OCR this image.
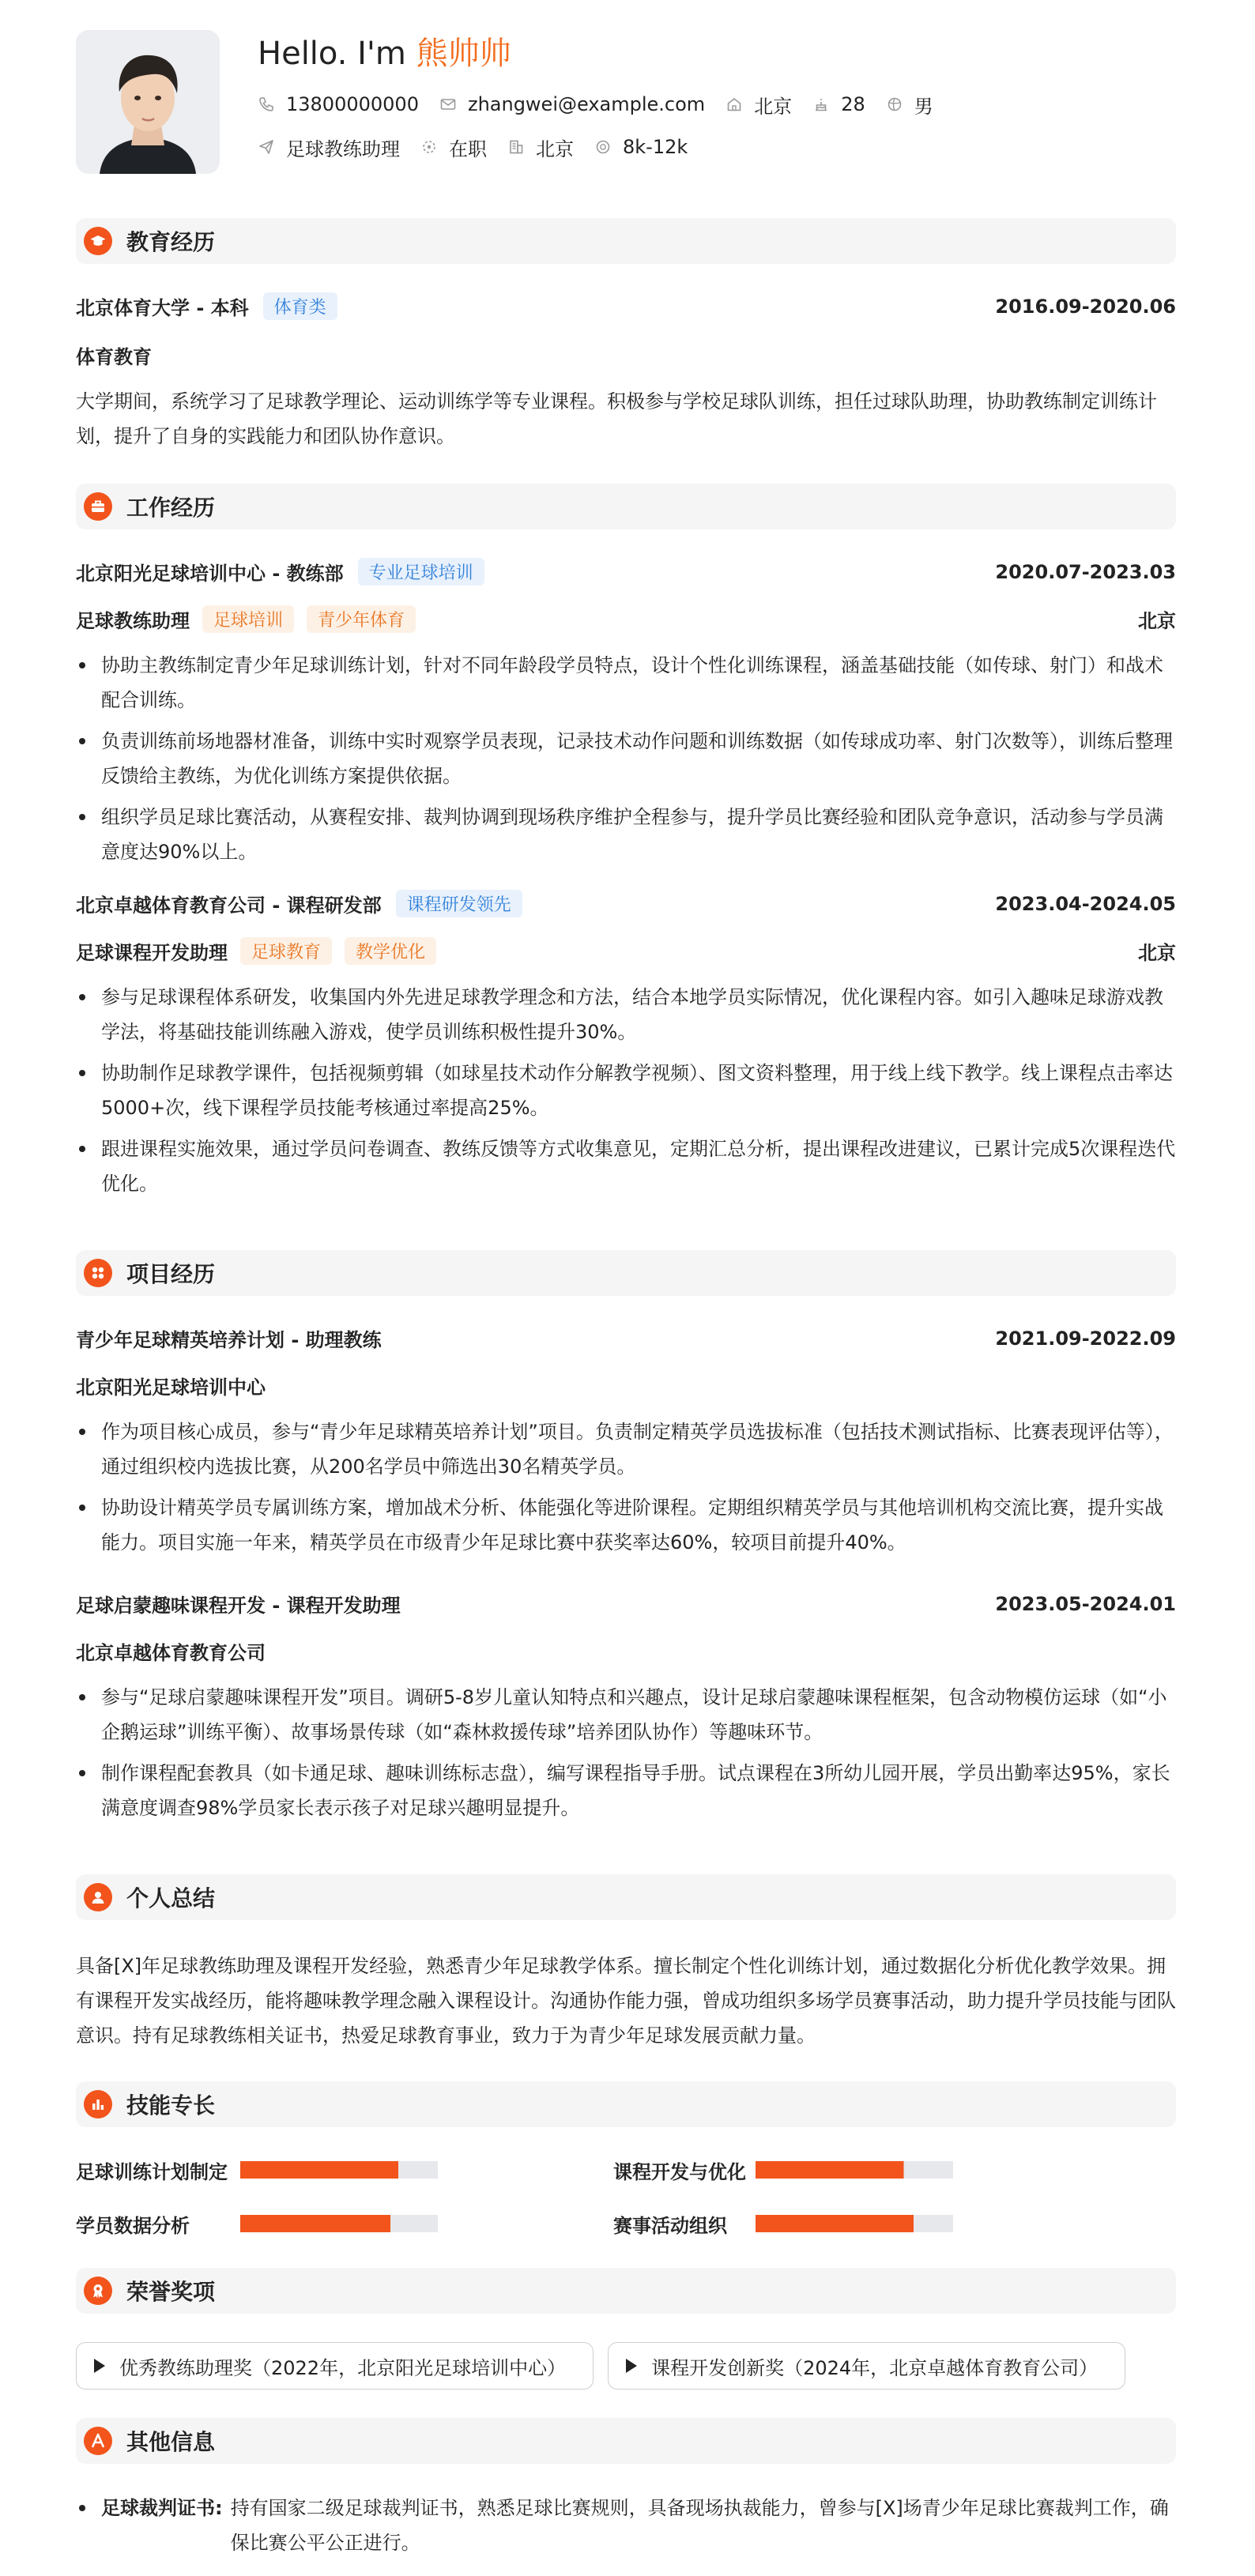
Hello. I'm 熊帅帅
13800000000	zhangwei@example.com	北京	28	男
足球教练助理	在职	北京	8k-12k
教育经历
北京体育大学 - 本科	体育类	2016.09-2020.06
体育教育
大学期间，系统学习了足球教学理论、运动训练学等专业课程。积极参与学校足球队训练，担任过球队助理，协助教练制定训练计划，提升了自身的实践能力和团队协作意识。
工作经历
北京阳光足球培训中心 - 教练部	专业足球培训	2020.07-2023.03
足球教练助理	足球培训	青少年体育	北京
协助主教练制定青少年足球训练计划，针对不同年龄段学员特点，设计个性化训练课程，涵盖基础技能（如传球、射门）和战术配合训练。
负责训练前场地器材准备，训练中实时观察学员表现，记录技术动作问题和训练数据（如传球成功率、射门次数等），训练后整理反馈给主教练，为优化训练方案提供依据。
组织学员足球比赛活动，从赛程安排、裁判协调到现场秩序维护全程参与，提升学员比赛经验和团队竞争意识，活动参与学员满意度达90%以上。
北京卓越体育教育公司 - 课程研发部	课程研发领先	2023.04-2024.05
足球课程开发助理	足球教育	教学优化	北京
参与足球课程体系研发，收集国内外先进足球教学理念和方法，结合本地学员实际情况，优化课程内容。如引入趣味足球游戏教学法，将基础技能训练融入游戏，使学员训练积极性提升30%。
协助制作足球教学课件，包括视频剪辑（如球星技术动作分解教学视频）、图文资料整理，用于线上线下教学。线上课程点击率达5000+次，线下课程学员技能考核通过率提高25%。
跟进课程实施效果，通过学员问卷调查、教练反馈等方式收集意见，定期汇总分析，提出课程改进建议，已累计完成5次课程迭代优化。
项目经历
青少年足球精英培养计划 - 助理教练	2021.09-2022.09
北京阳光足球培训中心
作为项目核心成员，参与“青少年足球精英培养计划”项目。负责制定精英学员选拔标准（包括技术测试指标、比赛表现评估等），通过组织校内选拔比赛，从200名学员中筛选出30名精英学员。
协助设计精英学员专属训练方案，增加战术分析、体能强化等进阶课程。定期组织精英学员与其他培训机构交流比赛，提升实战能力。项目实施一年来，精英学员在市级青少年足球比赛中获奖率达60%，较项目前提升40%。
足球启蒙趣味课程开发 - 课程开发助理	2023.05-2024.01
北京卓越体育教育公司
参与“足球启蒙趣味课程开发”项目。调研5-8岁儿童认知特点和兴趣点，设计足球启蒙趣味课程框架，包含动物模仿运球（如“小企鹅运球”训练平衡）、故事场景传球（如“森林救援传球”培养团队协作）等趣味环节。
制作课程配套教具（如卡通足球、趣味训练标志盘），编写课程指导手册。试点课程在3所幼儿园开展，学员出勤率达95%，家长满意度调查98%学员家长表示孩子对足球兴趣明显提升。
个人总结
具备[X]年足球教练助理及课程开发经验，熟悉青少年足球教学体系。擅长制定个性化训练计划，通过数据化分析优化教学效果。拥有课程开发实战经历，能将趣味教学理念融入课程设计。沟通协作能力强，曾成功组织多场学员赛事活动，助力提升学员技能与团队意识。持有足球教练相关证书，热爱足球教育事业，致力于为青少年足球发展贡献力量。
技能专长
足球训练计划制定	课程开发与优化
学员数据分析	赛事活动组织
荣誉奖项
优秀教练助理奖（2022年，北京阳光足球培训中心）	课程开发创新奖（2024年，北京卓越体育教育公司）
其他信息
足球裁判证书: 持有国家二级足球裁判证书，熟悉足球比赛规则，具备现场执裁能力，曾参与[X]场青少年足球比赛裁判工作，确保比赛公平公正进行。
